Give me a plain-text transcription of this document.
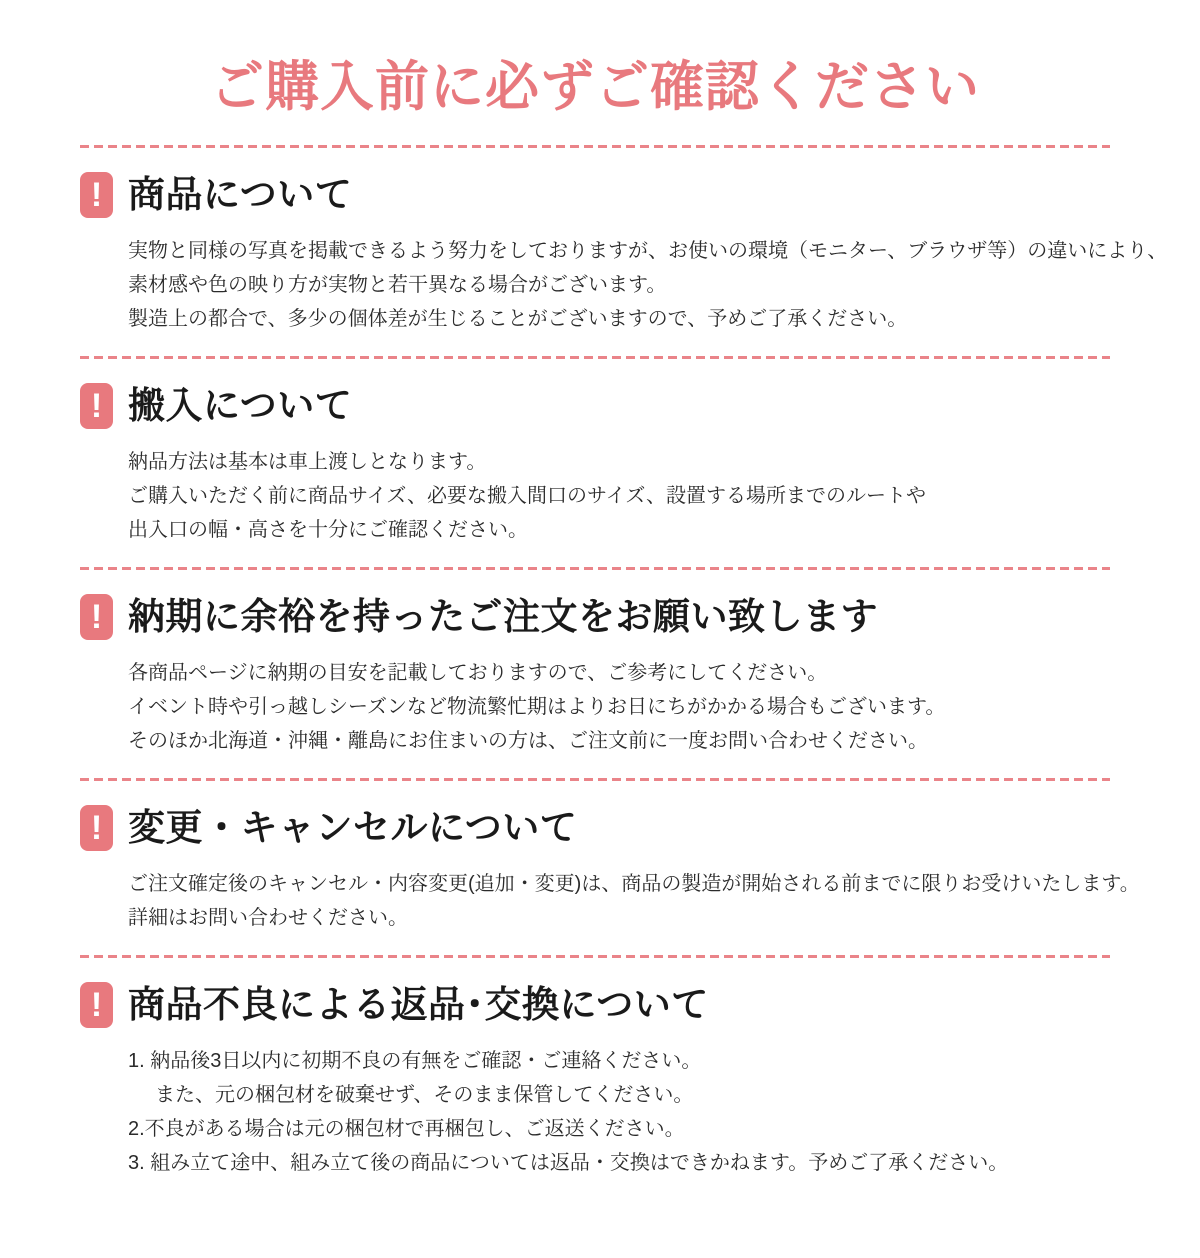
ご購入前に必ずご確認ください
! 商品について

実物と同様の写真を掲載できるよう努力をしておりますが、お使いの環境（モニター、ブラウザ等）の違いにより、

素材感や色の映り方が実物と若干異なる場合がございます。

製造上の都合で、多少の個体差が生じることがございますので、予めご了承ください。

! 搬入について

納品方法は基本は車上渡しとなります。

ご購入いただく前に商品サイズ、必要な搬入間口のサイズ、設置する場所までのルートや

出入口の幅・高さを十分にご確認ください。

! 納期に余裕を持ったご注文をお願い致します

各商品ページに納期の目安を記載しておりますので、ご参考にしてください。

イベント時や引っ越しシーズンなど物流繁忙期はよりお日にちがかかる場合もございます。

そのほか北海道・沖縄・離島にお住まいの方は、ご注文前に一度お問い合わせください。

! 変更・キャンセルについて

ご注文確定後のキャンセル・内容変更(追加・変更)は、商品の製造が開始される前までに限りお受けいたします。

詳細はお問い合わせください。

! 商品不良による返品･交換について

1. 納品後3日以内に初期不良の有無をご確認・ご連絡ください。

また、元の梱包材を破棄せず、そのまま保管してください。

2.不良がある場合は元の梱包材で再梱包し、ご返送ください。

3. 組み立て途中、組み立て後の商品については返品・交換はできかねます。予めご了承ください。
